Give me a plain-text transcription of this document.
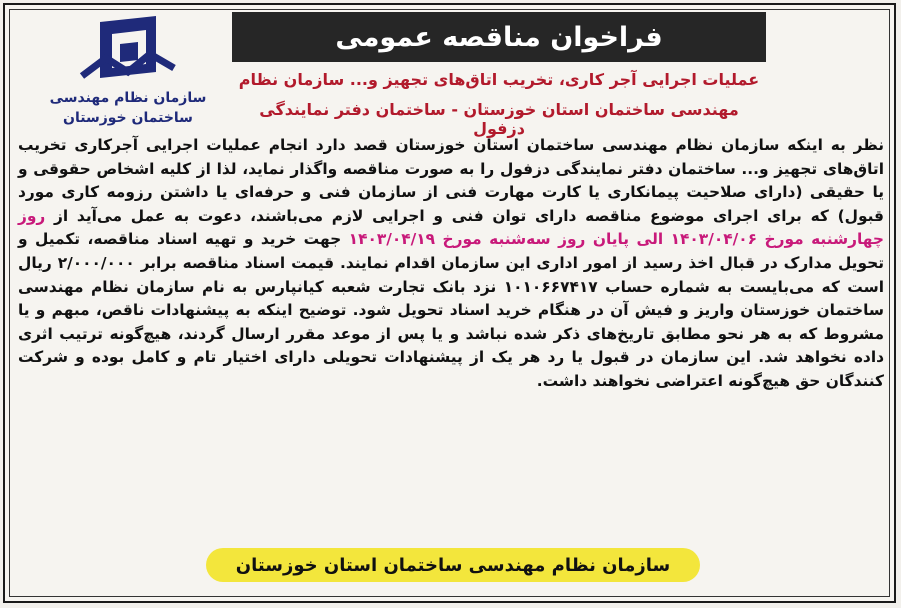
سازمان نظام مهندسی
ساختمان خوزستان
فراخوان مناقصه عمومی
عملیات اجرایی آجر کاری، تخریب اتاق‌های تجهیز و... سازمان نظام
مهندسی ساختمان استان خوزستان - ساختمان دفتر نمایندگی دزفول
نظر به اینکه سازمان نظام مهندسی ساختمان استان خوزستان قصد دارد انجام عملیات اجرایی آجرکاری تخریب اتاق‌های تجهیز و... ساختمان دفتر نمایندگی دزفول را به صورت مناقصه واگذار نماید، لذا از کلیه اشخاص حقوقی و یا حقیقی (دارای صلاحیت پیمانکاری یا کارت مهارت فنی از سازمان فنی و حرفه‌ای یا داشتن رزومه کاری مورد قبول) که برای اجرای موضوع مناقصه دارای توان فنی و اجرایی لازم می‌باشند، دعوت به عمل می‌آید از روز چهارشنبه مورخ ۱۴۰۳/۰۴/۰۶ الی پایان روز سه‌شنبه مورخ ۱۴۰۳/۰۴/۱۹ جهت خرید و تهیه اسناد مناقصه، تکمیل و تحویل مدارک در قبال اخذ رسید از امور اداری این سازمان اقدام نمایند. قیمت اسناد مناقصه برابر ۲/۰۰۰/۰۰۰ ریال است که می‌بایست به شماره حساب ۱۰۱۰۶۶۷۴۱۷ نزد بانک تجارت شعبه کیانپارس به نام سازمان نظام مهندسی ساختمان خوزستان واریز و فیش آن در هنگام خرید اسناد تحویل شود. توضیح اینکه به پیشنهادات ناقص، مبهم و یا مشروط که به هر نحو مطابق تاریخ‌های ذکر شده نباشد و یا پس از موعد مقرر ارسال گردند، هیچ‌گونه ترتیب اثری داده نخواهد شد. این سازمان در قبول یا رد هر یک از پیشنهادات تحویلی دارای اختیار تام و کامل بوده و شرکت کنندگان حق هیچ‌گونه اعتراضی نخواهند داشت.
سازمان نظام مهندسی ساختمان استان خوزستان
